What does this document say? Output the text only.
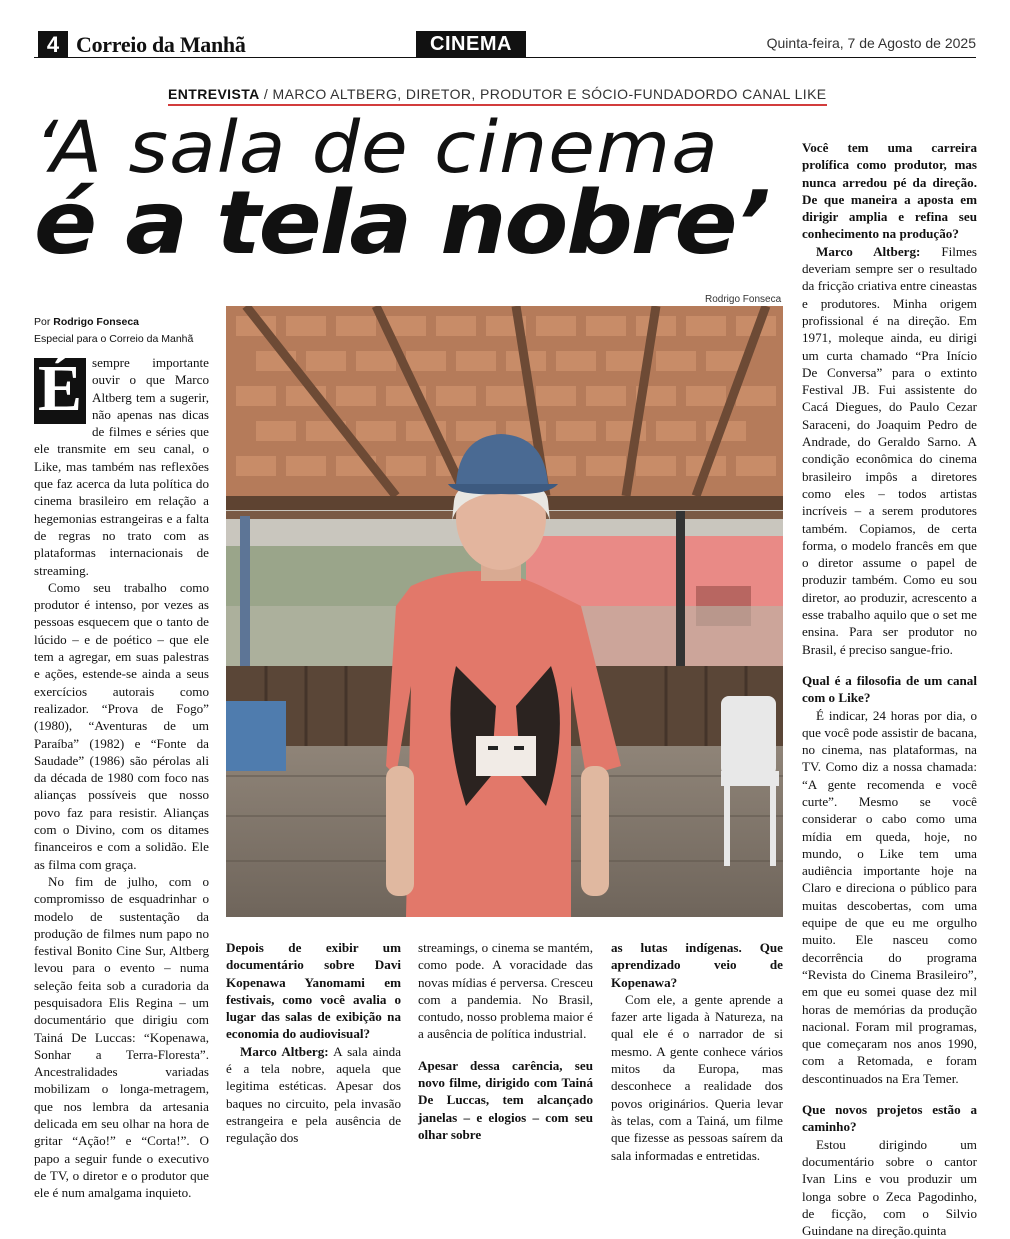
4 Correio da Manhã	CINEMA	Quinta-feira, 7 de Agosto de 2025
ENTREVISTA / MARCO ALTBERG, DIRETOR, PRODUTOR E SÓCIO-FUNDADORDO CANAL LIKE
‘A sala de cinema
é a tela nobre’
Por Rodrigo Fonseca
Especial para o Correio da Manhã
Rodrigo Fonseca

É sempre importante ouvir o que Marco Altberg tem a sugerir, não apenas nas dicas de filmes e séries que ele transmite em seu canal, o Like, mas também nas reflexões que faz acerca da luta política do cinema brasileiro em relação a hegemonias estrangeiras e a falta de regras no trato com as plataformas internacionais de streaming.

Como seu trabalho como produtor é intenso, por vezes as pessoas esquecem que o tanto de lúcido – e de poético – que ele tem a agregar, em suas palestras e ações, estende-se ainda a seus exercícios autorais como realizador. “Prova de Fogo” (1980), “Aventuras de um Paraíba” (1982) e “Fonte da Saudade” (1986) são pérolas ali da década de 1980 com foco nas alianças possíveis que nosso povo faz para resistir. Alianças com o Divino, com os ditames financeiros e com a solidão. Ele as filma com graça.

No fim de julho, com o compromisso de esquadrinhar o modelo de sustentação da produção de filmes num papo no festival Bonito Cine Sur, Altberg levou para o evento – numa seleção feita sob a curadoria da pesquisadora Elis Regina – um documentário que dirigiu com Tainá De Luccas: “Kopenawa, Sonhar a Terra-Floresta”. Ancestralidades variadas mobilizam o longa-metragem, que nos lembra da artesania delicada em seu olhar na hora de gritar “Ação!” e “Corta!”. O papo a seguir funde o executivo de TV, o diretor e o produtor que ele é num amalgama inquieto.

Depois de exibir um documentário sobre Davi Kopenawa Yanomami em festivais, como você avalia o lugar das salas de exibição na economia do audiovisual?

Marco Altberg: A sala ainda é a tela nobre, aquela que legitima estéticas. Apesar dos baques no circuito, pela invasão estrangeira e pela ausência de regulação dos

streamings, o cinema se mantém, como pode. A voracidade das novas mídias é perversa. Cresceu com a pandemia. No Brasil, contudo, nosso problema maior é a ausência de política industrial.

Apesar dessa carência, seu novo filme, dirigido com Tainá De Luccas, tem alcançado janelas – e elogios – com seu olhar sobre

as lutas indígenas. Que aprendizado veio de Kopenawa?

Com ele, a gente aprende a fazer arte ligada à Natureza, na qual ele é o narrador de si mesmo. A gente conhece vários mitos da Europa, mas desconhece a realidade dos povos originários. Queria levar às telas, com a Tainá, um filme que fizesse as pessoas saírem da sala informadas e entretidas.

Você tem uma carreira prolífica como produtor, mas nunca arredou pé da direção. De que maneira a aposta em dirigir amplia e refina seu conhecimento na produção?

Marco Altberg: Filmes deveriam sempre ser o resultado da fricção criativa entre cineastas e produtores. Minha origem profissional é na direção. Em 1971, moleque ainda, eu dirigi um curta chamado “Pra Início De Conversa” para o extinto Festival JB. Fui assistente do Cacá Diegues, do Paulo Cezar Saraceni, do Joaquim Pedro de Andrade, do Geraldo Sarno. A condição econômica do cinema brasileiro impôs a diretores como eles – todos artistas incríveis – a serem produtores também. Copiamos, de certa forma, o modelo francês em que o diretor assume o papel de produzir também. Como eu sou diretor, ao produzir, acrescento a esse trabalho aquilo que o set me ensina. Para ser produtor no Brasil, é preciso sangue-frio.

Qual é a filosofia de um canal com o Like?

É indicar, 24 horas por dia, o que você pode assistir de bacana, no cinema, nas plataformas, na TV. Como diz a nossa chamada: “A gente recomenda e você curte”. Mesmo se você considerar o cabo como uma mídia em queda, hoje, no mundo, o Like tem uma audiência importante hoje na Claro e direciona o público para muitas descobertas, com uma equipe de que eu me orgulho muito. Ele nasceu como decorrência do programa “Revista do Cinema Brasileiro”, em que eu somei quase dez mil horas de memórias da produção nacional. Foram mil programas, que começaram nos anos 1990, com a Retomada, e foram descontinuados na Era Temer.

Que novos projetos estão a caminho?

Estou dirigindo um documentário sobre o cantor Ivan Lins e vou produzir um longa sobre o Zeca Pagodinho, de ficção, com o Silvio Guindane na direção.quinta
